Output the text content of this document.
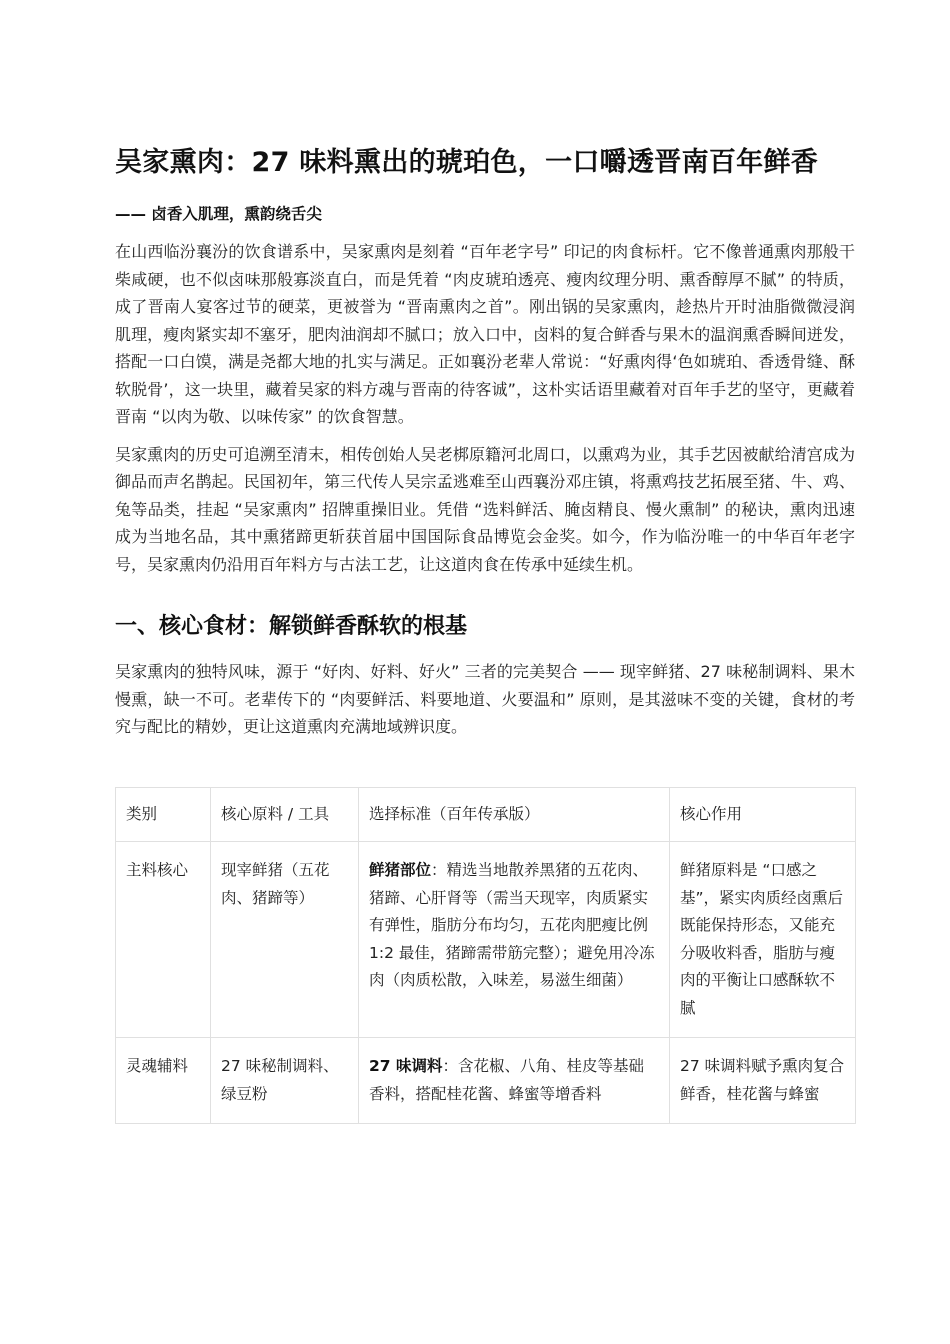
吴家熏肉：27 味料熏出的琥珀色，一口嚼透晋南百年鲜香
—— 卤香入肌理，熏韵绕舌尖

在山西临汾襄汾的饮食谱系中，吴家熏肉是刻着 “百年老字号” 印记的肉食标杆。它不像普通熏肉那般干柴咸硬，也不似卤味那般寡淡直白，而是凭着 “肉皮琥珀透亮、瘦肉纹理分明、熏香醇厚不腻” 的特质，成了晋南人宴客过节的硬菜，更被誉为 “晋南熏肉之首”。刚出锅的吴家熏肉，趁热片开时油脂微微浸润肌理，瘦肉紧实却不塞牙，肥肉油润却不腻口；放入口中，卤料的复合鲜香与果木的温润熏香瞬间迸发，搭配一口白馍，满是尧都大地的扎实与满足。正如襄汾老辈人常说：“好熏肉得‘色如琥珀、香透骨缝、酥软脱骨’，这一块里，藏着吴家的料方魂与晋南的待客诚”，这朴实话语里藏着对百年手艺的坚守，更藏着晋南 “以肉为敬、以味传家” 的饮食智慧。

吴家熏肉的历史可追溯至清末，相传创始人吴老梆原籍河北周口，以熏鸡为业，其手艺因被献给清宫成为御品而声名鹊起。民国初年，第三代传人吴宗孟逃难至山西襄汾邓庄镇，将熏鸡技艺拓展至猪、牛、鸡、兔等品类，挂起 “吴家熏肉” 招牌重操旧业。凭借 “选料鲜活、腌卤精良、慢火熏制” 的秘诀，熏肉迅速成为当地名品，其中熏猪蹄更斩获首届中国国际食品博览会金奖。如今，作为临汾唯一的中华百年老字号，吴家熏肉仍沿用百年料方与古法工艺，让这道肉食在传承中延续生机。

一、核心食材：解锁鲜香酥软的根基

吴家熏肉的独特风味，源于 “好肉、好料、好火” 三者的完美契合 —— 现宰鲜猪、27 味秘制调料、果木慢熏，缺一不可。老辈传下的 “肉要鲜活、料要地道、火要温和” 原则，是其滋味不变的关键，食材的考究与配比的精妙，更让这道熏肉充满地域辨识度。

类别	核心原料 / 工具	选择标准（百年传承版）	核心作用
主料核心	现宰鲜猪（五花肉、猪蹄等）	鲜猪部位：精选当地散养黑猪的五花肉、猪蹄、心肝肾等（需当天现宰，肉质紧实有弹性，脂肪分布均匀，五花肉肥瘦比例 1:2 最佳，猪蹄需带筋完整）；避免用冷冻肉（肉质松散，入味差，易滋生细菌）	鲜猪原料是 “口感之基”，紧实肉质经卤熏后既能保持形态，又能充分吸收料香，脂肪与瘦肉的平衡让口感酥软不腻

灵魂辅料	27 味秘制调料、绿豆粉	27 味调料：含花椒、八角、桂皮等基础香料，搭配桂花酱、蜂蜜等增香料	27 味调料赋予熏肉复合鲜香，桂花酱与蜂蜜
